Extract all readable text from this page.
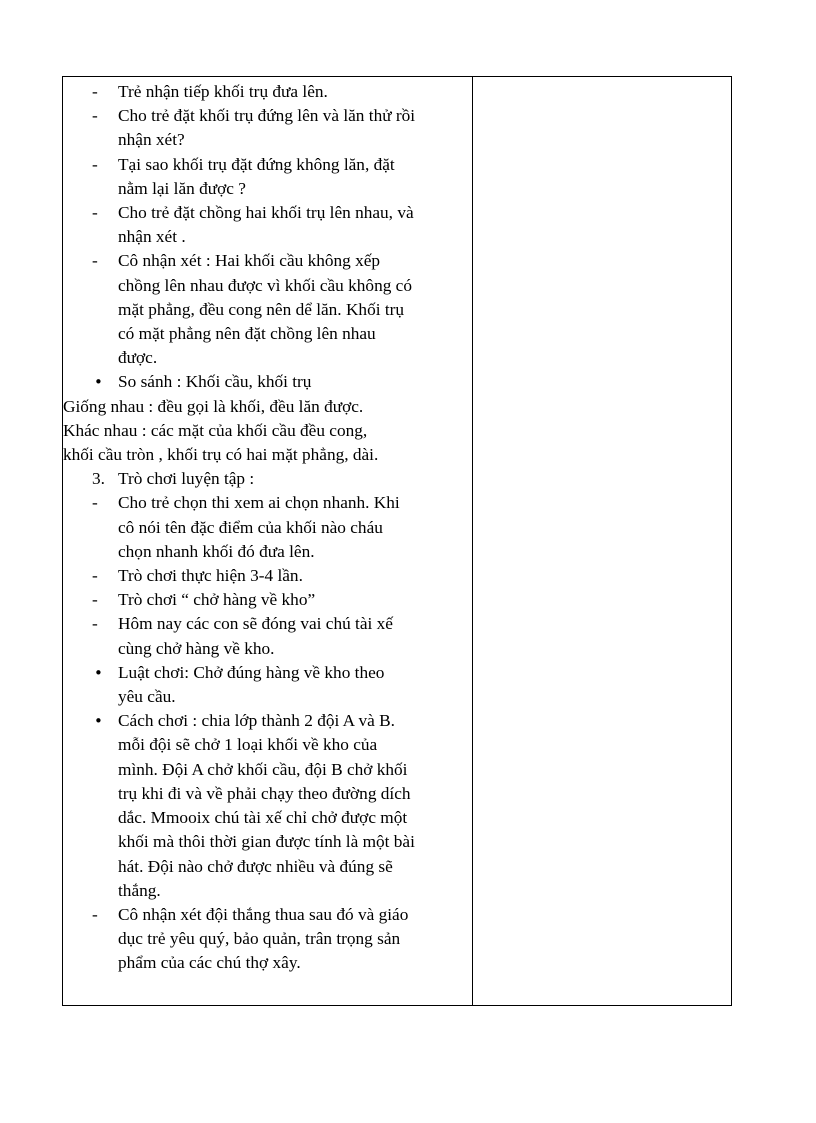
- Trẻ nhận tiếp khối trụ đưa lên.
- Cho trẻ đặt khối trụ đứng lên và lăn thử rồi
nhận xét?
- Tại sao khối trụ đặt đứng không lăn, đặt
nằm lại lăn được ?
- Cho trẻ đặt chồng hai khối trụ lên nhau, và
nhận xét .
- Cô nhận xét : Hai khối cầu không xếp
chồng lên nhau được vì khối cầu không có
mặt phẳng, đều cong nên dể lăn. Khối trụ
có mặt phẳng nên đặt chồng lên nhau
được.
• So sánh : Khối cầu, khối trụ
Giống nhau : đều gọi là khối, đều lăn được.
Khác nhau : các mặt của khối cầu đều cong,
khối cầu tròn , khối trụ có hai mặt phẳng, dài.
3. Trò chơi luyện tập :
- Cho trẻ chọn thi xem ai chọn nhanh. Khi
cô nói tên đặc điểm của khối nào cháu
chọn nhanh khối đó đưa lên.
- Trò chơi thực hiện 3-4 lần.
- Trò chơi “ chở hàng về kho”
- Hôm nay các con sẽ đóng vai chú tài xế
cùng chở hàng về kho.
• Luật chơi: Chở đúng hàng về kho theo
yêu cầu.
• Cách chơi : chia lớp thành 2 đội A và B.
mỗi đội sẽ chở 1 loại khối về kho của
mình. Đội A chở khối cầu, đội B chở khối
trụ khi đi và về phải chạy theo đường dích
dắc. Mmooix chú tài xế chỉ chở được một
khối mà thôi thời gian được tính là một bài
hát. Đội nào chở được nhiều và đúng sẽ
thắng.
- Cô nhận xét đội thắng thua sau đó và giáo
dục trẻ yêu quý, bảo quản, trân trọng sản
phẩm của các chú thợ xây.
